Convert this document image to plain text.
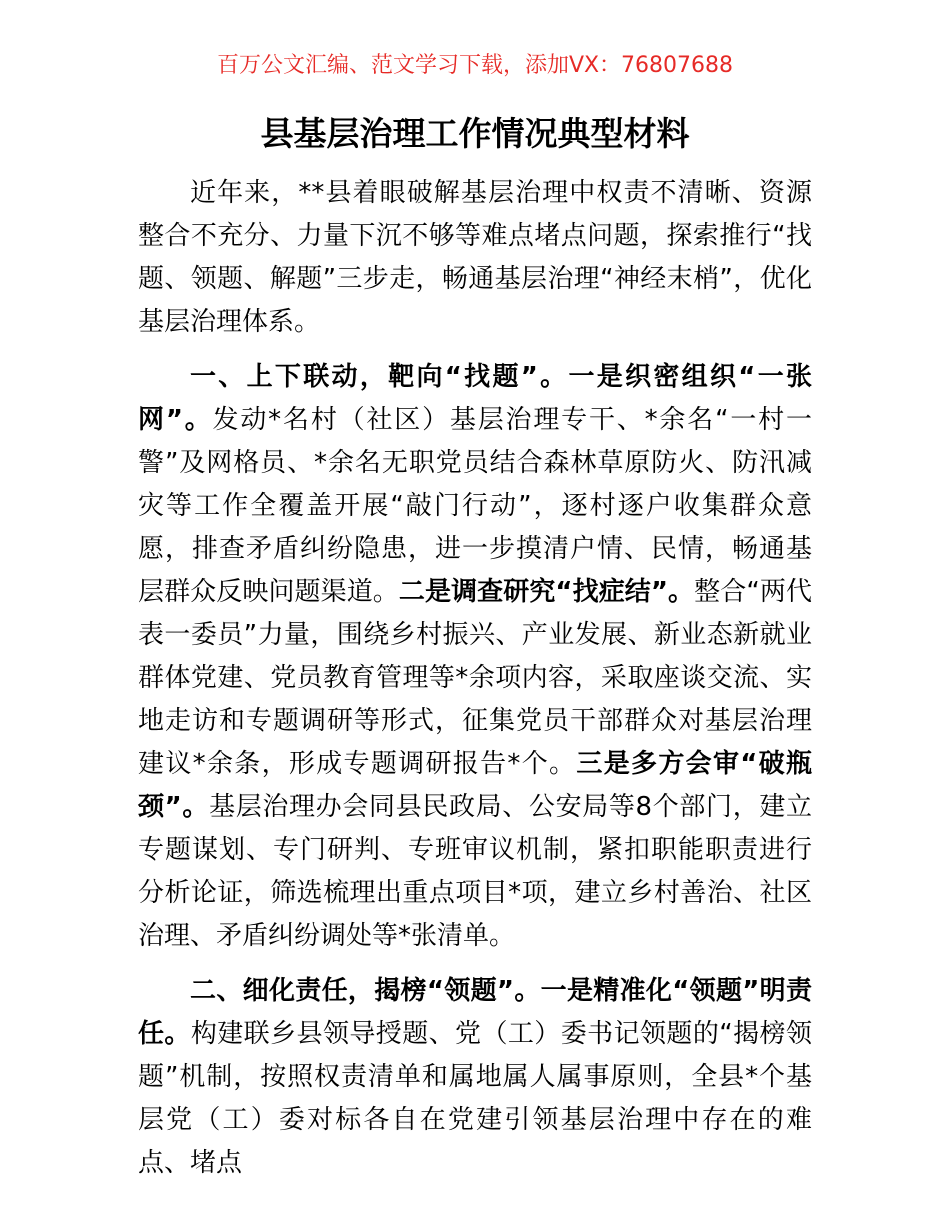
百万公文汇编、范文学习下载，添加VX：76807688
县基层治理工作情况典型材料

近年来，**县着眼破解基层治理中权责不清晰、资源整合不充分、力量下沉不够等难点堵点问题，探索推行“找题、领题、解题”三步走，畅通基层治理“神经末梢”，优化基层治理体系。

一、上下联动，靶向“找题”。一是织密组织“一张网”。发动*名村（社区）基层治理专干、*余名“一村一警”及网格员、*余名无职党员结合森林草原防火、防汛减灾等工作全覆盖开展“敲门行动”，逐村逐户收集群众意愿，排查矛盾纠纷隐患，进一步摸清户情、民情，畅通基层群众反映问题渠道。二是调查研究“找症结”。整合“两代表一委员”力量，围绕乡村振兴、产业发展、新业态新就业群体党建、党员教育管理等*余项内容，采取座谈交流、实地走访和专题调研等形式，征集党员干部群众对基层治理建议*余条，形成专题调研报告*个。三是多方会审“破瓶颈”。基层治理办会同县民政局、公安局等8个部门，建立专题谋划、专门研判、专班审议机制，紧扣职能职责进行分析论证，筛选梳理出重点项目*项，建立乡村善治、社区治理、矛盾纠纷调处等*张清单。

二、细化责任，揭榜“领题”。一是精准化“领题”明责任。构建联乡县领导授题、党（工）委书记领题的“揭榜领题”机制，按照权责清单和属地属人属事原则，全县*个基层党（工）委对标各自在党建引领基层治理中存在的难点、堵点
